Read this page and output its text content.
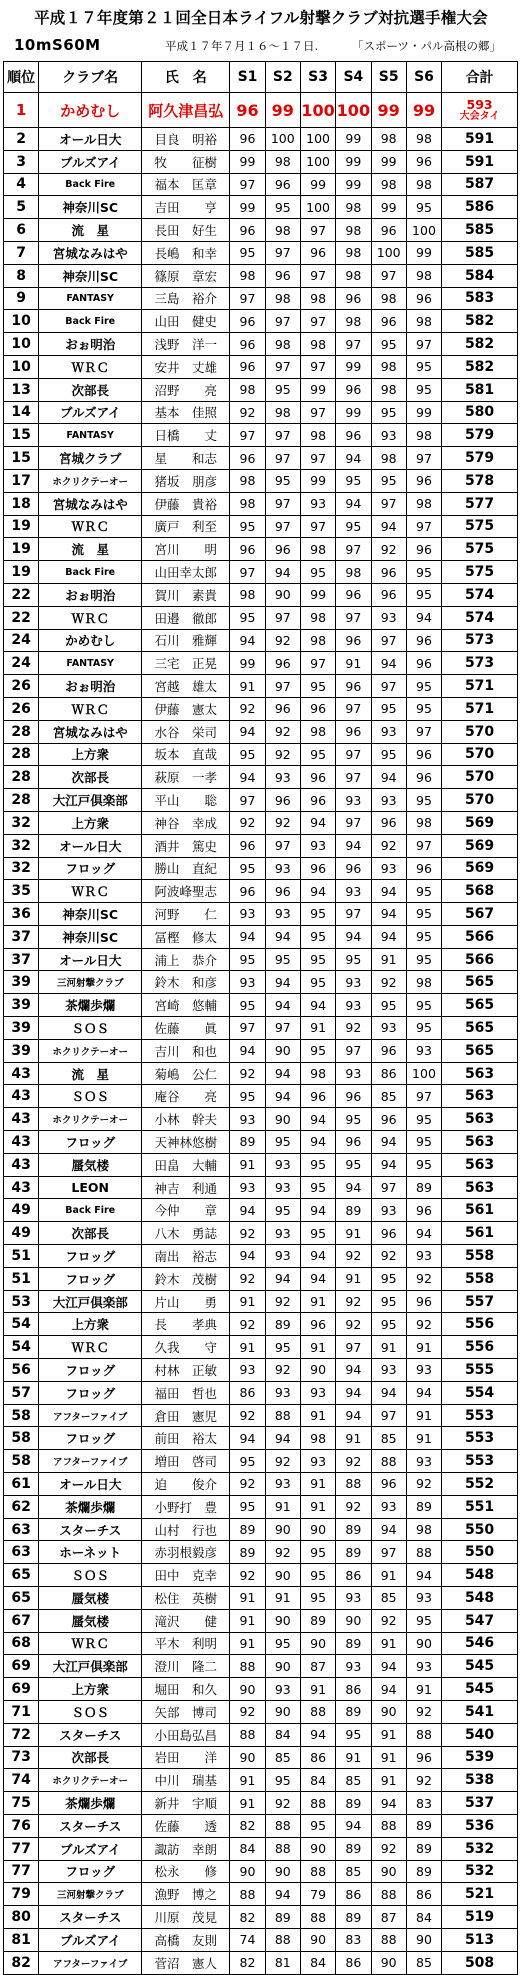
平成１７年度第２１回全日本ライフル射撃クラブ対抗選手権大会
10mS60M	平成１７年７月１６～１７日.	「スポーツ・パル高根の郷」
順位	クラブ名	氏　名	S1	S2	S3	S4	S5	S6	合計
1	かめむし	阿久津昌弘	96	99	100	100	99	99	593
大会タイ

2	オール日大	目良　明裕	96	100	100	99	98	98	591
3	ブルズアイ	牧　　征樹	99	98	100	99	99	96	591
4	Back Fire	福本　匡章	97	96	99	99	98	98	587
5	神奈川SC	吉田　　亨	99	95	100	98	99	95	586
6	流　星	長田　好生	96	98	97	98	96	100	585
7	宮城なみはや	長嶋　和幸	95	97	96	98	100	99	585
8	神奈川SC	篠原　章宏	98	96	97	98	97	98	584
9	FANTASY	三島　裕介	97	98	98	96	98	96	583
10	Back Fire	山田　健史	96	97	97	98	96	98	582
10	おぉ明治	浅野　洋一	96	98	98	97	95	97	582
10	ＷＲＣ	安井　丈雄	96	97	97	99	98	95	582
13	次部長	沼野　　亮	98	95	99	96	98	95	581
14	ブルズアイ	基本　佳照	92	98	97	99	95	99	580
15	FANTASY	日橋　　丈	97	97	98	96	93	98	579
15	宮城クラブ	星　　和志	96	97	97	94	98	97	579
17	ホクリクテーオー	猪坂　朋彦	98	95	99	95	95	96	578
18	宮城なみはや	伊藤　貴裕	98	97	93	94	97	98	577
19	ＷＲＣ	廣戸　利至	95	97	97	95	94	97	575
19	流　星	宮川　　明	96	96	98	97	92	96	575
19	Back Fire	山田幸太郎	97	94	95	98	96	95	575
22	おぉ明治	賀川　素貴	98	90	99	96	96	95	574
22	ＷＲＣ	田邉　徹郎	95	97	98	97	93	94	574
24	かめむし	石川　雅輝	94	92	98	96	97	96	573
24	FANTASY	三宅　正晃	99	96	97	91	94	96	573
26	おぉ明治	宮越　雄太	91	97	95	96	97	95	571
26	ＷＲＣ	伊藤　憲太	92	96	96	97	95	95	571
28	宮城なみはや	水谷　栄司	94	92	98	96	93	97	570
28	上方衆	坂本　直哉	95	92	95	97	95	96	570
28	次部長	萩原　一孝	94	93	96	97	94	96	570
28	大江戸倶楽部	平山　　聡	97	96	96	93	93	95	570
32	上方衆	神谷　幸成	92	92	94	97	96	98	569
32	オール日大	酒井　篤史	96	97	93	94	92	97	569
32	フロッグ	勝山　直紀	95	93	96	96	93	96	569
35	ＷＲＣ	阿波峰聖志	96	96	94	93	94	95	568
36	神奈川SC	河野　　仁	93	93	95	97	94	95	567
37	神奈川SC	冨樫　修太	94	94	95	94	94	95	566
37	オール日大	浦上　恭介	95	95	95	95	91	95	566
39	三河射撃クラブ	鈴木　和彦	93	94	95	93	92	98	565
39	茶爛歩爛	宮崎　悠輔	95	94	94	93	95	95	565
39	ＳＯＳ	佐藤　　眞	97	97	91	92	93	95	565
39	ホクリクテーオー	吉川　和也	94	90	95	97	96	93	565
43	流　星	菊嶋　公仁	92	94	98	93	86	100	563
43	ＳＯＳ	庵谷　　亮	95	94	96	96	85	97	563
43	ホクリクテーオー	小林　幹夫	93	90	94	95	96	95	563
43	フロッグ	天神林悠樹	89	95	94	96	94	95	563
43	蜃気楼	田畠　大輔	91	93	95	95	94	95	563
43	LEON	神吉　利通	93	93	95	94	97	89	563
49	Back Fire	今仲　　章	94	95	94	89	93	96	561
49	次部長	八木　勇誌	92	93	95	91	96	94	561
51	フロッグ	南出　裕志	94	93	94	92	92	93	558
51	フロッグ	鈴木　茂樹	92	94	94	91	95	92	558
53	大江戸倶楽部	片山　　勇	91	92	91	92	95	96	557
54	上方衆	長　　孝典	92	89	96	92	95	92	556
54	ＷＲＣ	久我　　守	91	95	91	97	91	91	556
56	フロッグ	村林　正敏	93	92	90	94	93	93	555
57	フロッグ	福田　哲也	86	93	93	94	94	94	554
58	アフターファイブ	倉田　憲児	92	88	91	94	97	91	553
58	フロッグ	前田　裕太	94	94	98	91	85	91	553
58	アフターファイブ	増田　啓司	95	92	93	92	88	93	553
61	オール日大	迫　　俊介	92	93	91	88	96	92	552
62	茶爛歩爛	小野打　豊	95	91	91	92	93	89	551
63	スターチス	山村　行也	89	90	90	89	94	98	550
63	ホーネット	赤羽根毅彦	89	92	95	89	97	88	550
65	ＳＯＳ	田中　克幸	92	90	95	86	91	94	548
65	蜃気楼	松住　英樹	91	91	95	93	85	93	548
67	蜃気楼	滝沢　　健	91	90	89	90	92	95	547
68	ＷＲＣ	平木　利明	91	95	90	89	91	90	546
69	大江戸倶楽部	澄川　隆二	88	90	87	93	94	93	545
69	上方衆	堀田　和久	90	93	91	86	94	91	545
71	ＳＯＳ	矢部　博司	92	90	88	89	90	92	541
72	スターチス	小田島弘昌	88	84	94	95	91	88	540
73	次部長	岩田　　洋	90	85	86	91	91	96	539
74	ホクリクテーオー	中川　瑞基	91	95	84	85	91	92	538
75	茶爛歩爛	新井　宇順	91	92	88	89	94	83	537
76	スターチス	佐藤　　透	82	88	95	94	88	89	536
77	ブルズアイ	諏訪　幸朗	84	88	90	89	92	89	532
77	フロッグ	松永　　修	90	90	88	85	90	89	532
79	三河射撃クラブ	漁野　博之	88	94	79	86	88	86	521
80	スターチス	川原　茂見	82	89	88	89	87	84	519
81	ブルズアイ	高橋　友則	74	88	90	83	88	90	513
82	アフターファイブ	菅沼　憲人	82	81	84	86	90	85	508
